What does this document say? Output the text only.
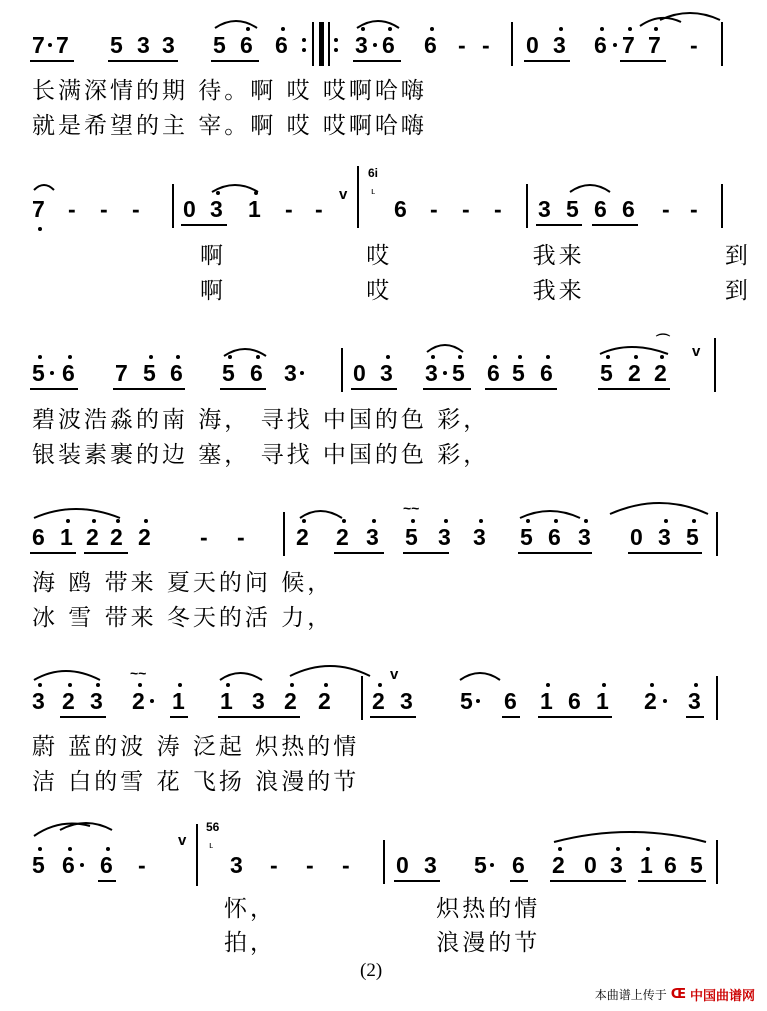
7 7 5 3 3 5 6 6	3 6 6 - - 0 3 6 7 7 -
长满深情的期 待。啊 哎 哎啊哈嗨
就是希望的主 宰。啊 哎 哎啊哈嗨
7 - - - 0 3 1 - -
v
6i
ᒻ
6 - - - 3 5 6 6 - -
啊 哎 我来 到
啊 哎 我来 到
5 6 7 5 6 5 6 3 0 3 3 5 6 5 6 5 2 2
⌒
v
碧波浩淼的南 海， 寻找 中国的色 彩，
银装素裹的边 塞， 寻找 中国的色 彩，
6 1 2 2 2 - - 2 2 3
~~
5 3 3 5 6 3 0 3 5
海 鸥 带来 夏天的问 候，
冰 雪 带来 冬天的活 力，
3 2 3
~~
2 1 1 3 2 2 2
v
3 5 6 1 6 1 2 3
蔚 蓝的波 涛 泛起 炽热的情
洁 白的雪 花 飞扬 浪漫的节
5 6 6 -
v
56
ᒻ
3 - - - 0 3 5 6 2 0 3 1 6 5
怀， 炽热的情
拍， 浪漫的节
(2)
本曲谱上传于 Œ 中国曲谱网
